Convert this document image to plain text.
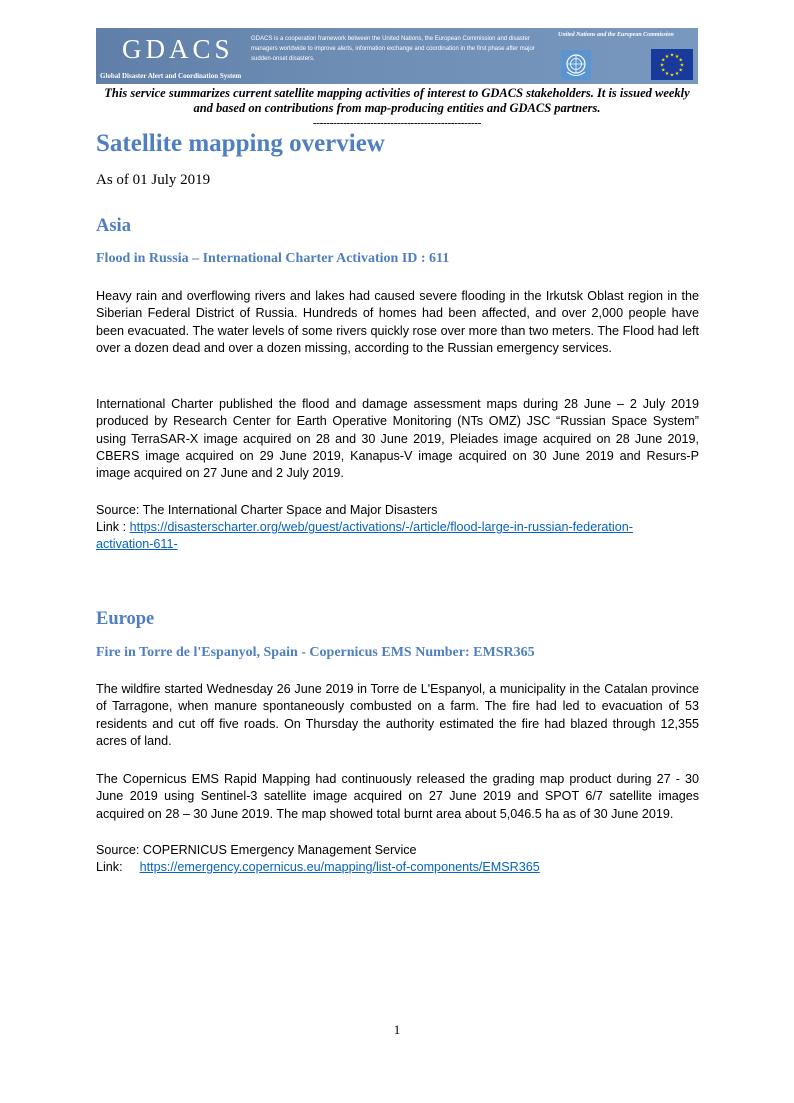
GDACS
Global Disaster Alert and Coordination System
GDACS is a cooperation framework between the United Nations, the European Commission and disaster managers worldwide to improve alerts, information exchange and coordination in the first phase after major sudden-onset disasters.
United Nations and the European Commission
★ ★
★
★
★
★
★
★
★
★
★
★
This service summarizes current satellite mapping activities of interest to GDACS stakeholders. It is issued weekly and based on contributions from map-producing entities and GDACS partners.
--------------------------------------------------
Satellite mapping overview
As of 01 July 2019
Asia
Flood in Russia – International Charter Activation ID : 611
Heavy rain and overflowing rivers and lakes had caused severe flooding in the Irkutsk Oblast region in the Siberian Federal District of Russia. Hundreds of homes had been affected, and over 2,000 people have been evacuated. The water levels of some rivers quickly rose over more than two meters. The Flood had left over a dozen dead and over a dozen missing, according to the Russian emergency services.
International Charter published the flood and damage assessment maps during 28 June – 2 July 2019 produced by Research Center for Earth Operative Monitoring (NTs OMZ) JSC “Russian Space System” using TerraSAR-X image acquired on 28 and 30 June 2019, Pleiades image acquired on 28 June 2019, CBERS image acquired on 29 June 2019, Kanapus-V image acquired on 30 June 2019 and Resurs-P image acquired on 27 June and 2 July 2019.
Source: The International Charter Space and Major Disasters
Link : https://disasterscharter.org/web/guest/activations/-/article/flood-large-in-russian-federation-
activation-611-
Europe
Fire in Torre de l'Espanyol, Spain - Copernicus EMS Number: EMSR365
The wildfire started Wednesday 26 June 2019 in Torre de L'Espanyol, a municipality in the Catalan province of Tarragone, when manure spontaneously combusted on a farm. The fire had led to evacuation of 53 residents and cut off five roads. On Thursday the authority estimated the fire had blazed through 12,355 acres of land.
The Copernicus EMS Rapid Mapping had continuously released the grading map product during 27 - 30 June 2019 using Sentinel-3 satellite image acquired on 27 June 2019 and SPOT 6/7 satellite images acquired on 28 – 30 June 2019. The map showed total burnt area about 5,046.5 ha as of 30 June 2019.
Source: COPERNICUS Emergency Management Service
Link: https://emergency.copernicus.eu/mapping/list-of-components/EMSR365
1
